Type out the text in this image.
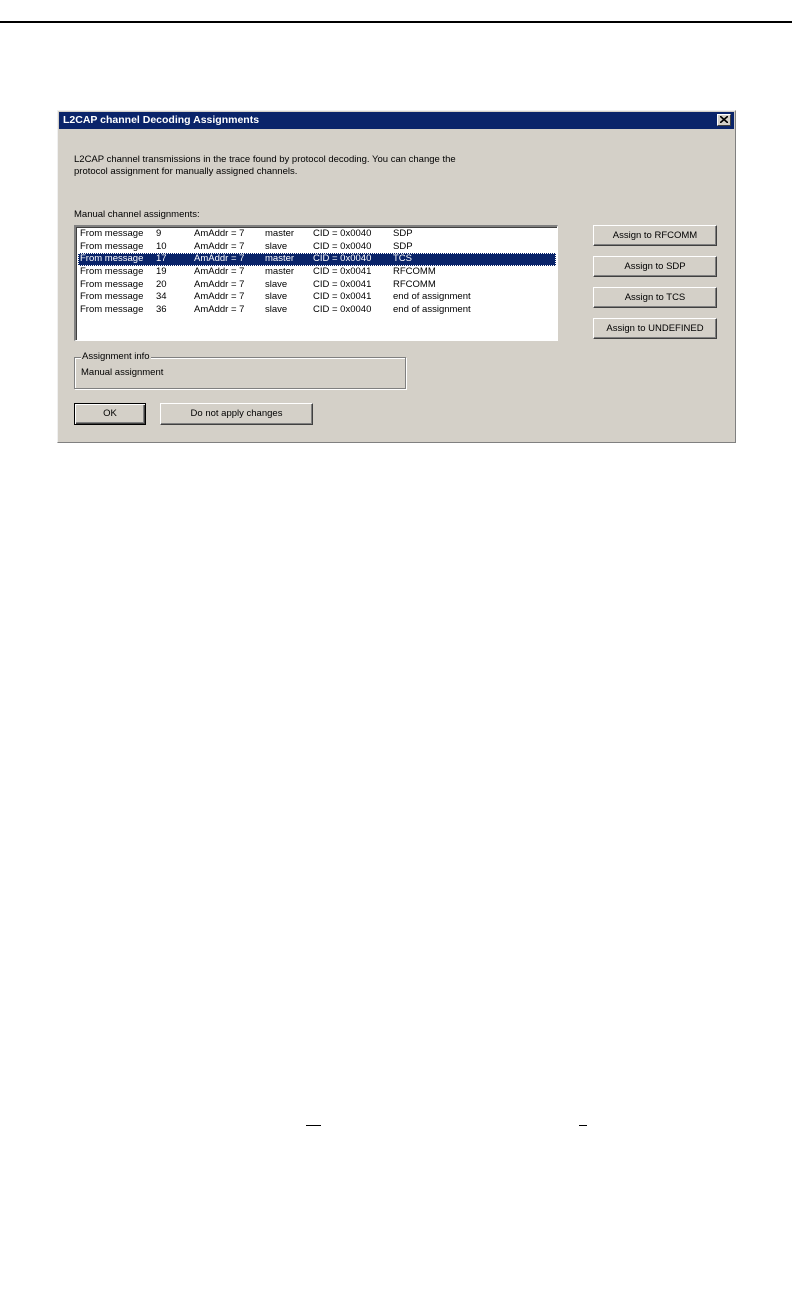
L2CAP channel Decoding Assignments
L2CAP channel transmissions in the trace found by protocol decoding. You can change the
protocol assignment for manually assigned channels.
Manual channel assignments:
From message 9	AmAddr = 7 master CID = 0x0040 SDP
From message 10	AmAddr = 7 slave	CID = 0x0040 SDP
From message 17	AmAddr = 7 master CID = 0x0040 TCS
From message 19	AmAddr = 7 master CID = 0x0041 RFCOMM
From message 20	AmAddr = 7 slave	CID = 0x0041 RFCOMM
From message 34	AmAddr = 7 slave	CID = 0x0041 end of assignment
From message 36	AmAddr = 7 slave	CID = 0x0040 end of assignment
Assign to RFCOMM
Assign to SDP
Assign to TCS
Assign to UNDEFINED
Assignment info
Manual assignment
OK	Do not apply changes
